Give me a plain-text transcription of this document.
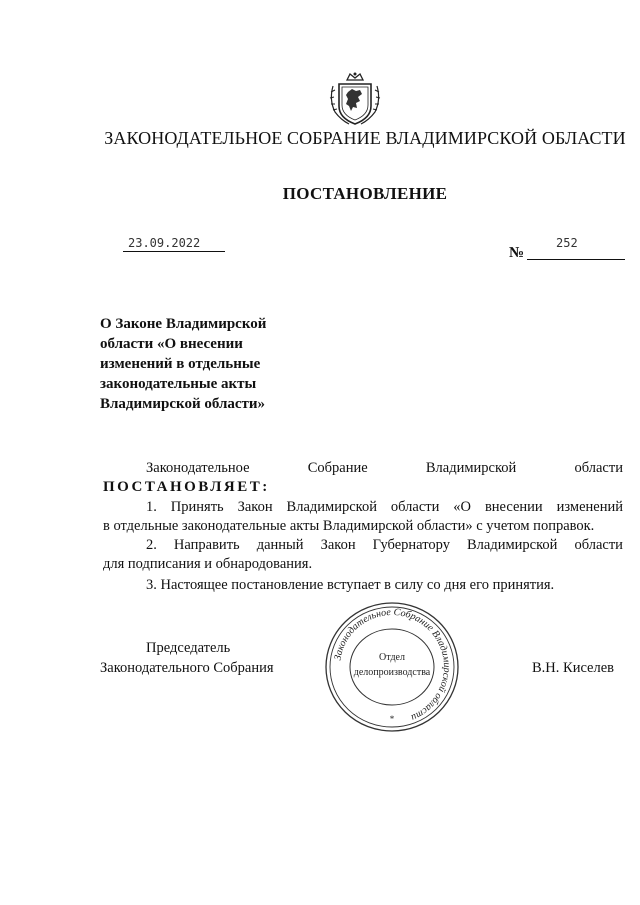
ЗАКОНОДАТЕЛЬНОЕ СОБРАНИЕ ВЛАДИМИРСКОЙ ОБЛАСТИ
ПОСТАНОВЛЕНИЕ
23.09.2022
№
252
О Законе Владимирской
области «О внесении
изменений в отдельные
законодательные акты
Владимирской области»
Законодательное	Собрание	Владимирской	области
ПОСТАНОВЛЯЕТ:
1. Принять Закон Владимирской области «О внесении изменений
в отдельные законодательные акты Владимирской области» с учетом поправок.
2. Направить данный Закон Губернатору Владимирской области
для подписания и обнародования.
3. Настоящее постановление вступает в силу со дня его принятия.
Председатель
Законодательного Собрания	В.Н. Киселев
Законодательное Собрание Владимирской области
Отдел
делопроизводства
*
